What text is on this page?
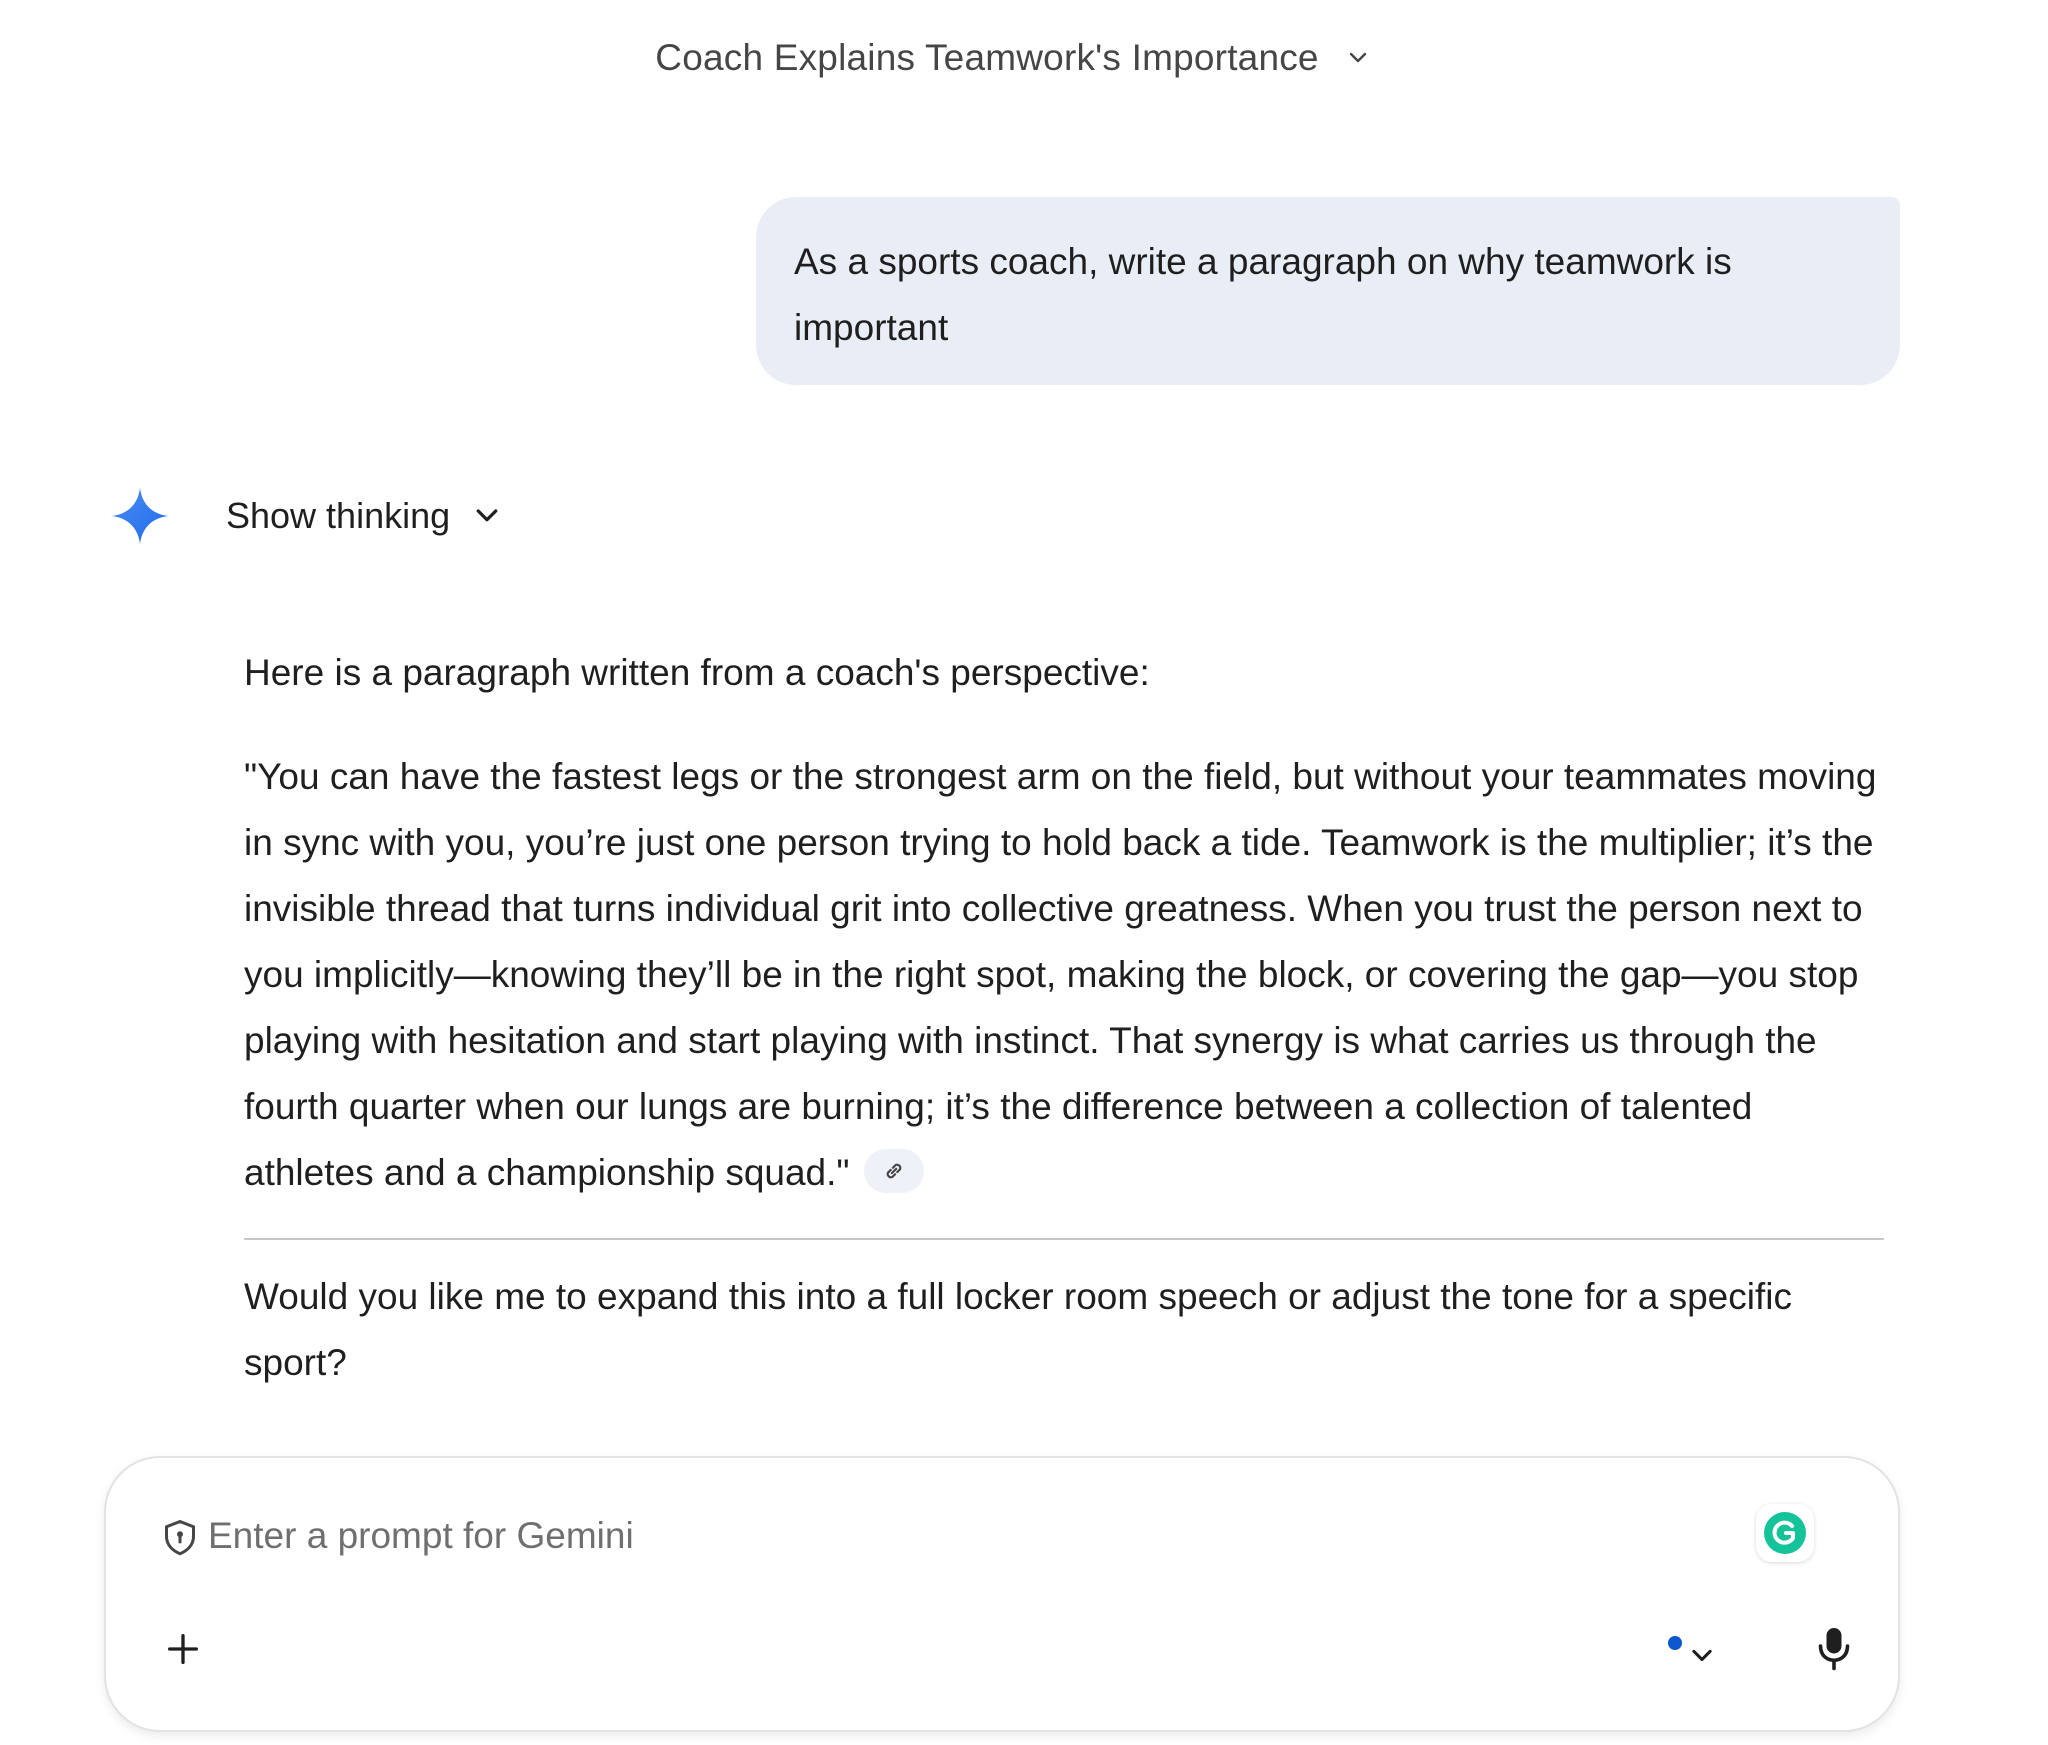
Coach Explains Teamwork's Importance
As a sports coach, write a paragraph on why teamwork is important
Show thinking

Here is a paragraph written from a coach's perspective:

"You can have the fastest legs or the strongest arm on the field, but without your teammates moving in sync with you, you’re just one person trying to hold back a tide. Teamwork is the multiplier; it’s the invisible thread that turns individual grit into collective greatness. When you trust the person next to you implicitly—knowing they’ll be in the right spot, making the block, or covering the gap—you stop playing with hesitation and start playing with instinct. That synergy is what carries us through the fourth quarter when our lungs are burning; it’s the difference between a collection of talented athletes and a championship squad."

Would you like me to expand this into a full locker room speech or adjust the tone for a specific sport?

Enter a prompt for Gemini
